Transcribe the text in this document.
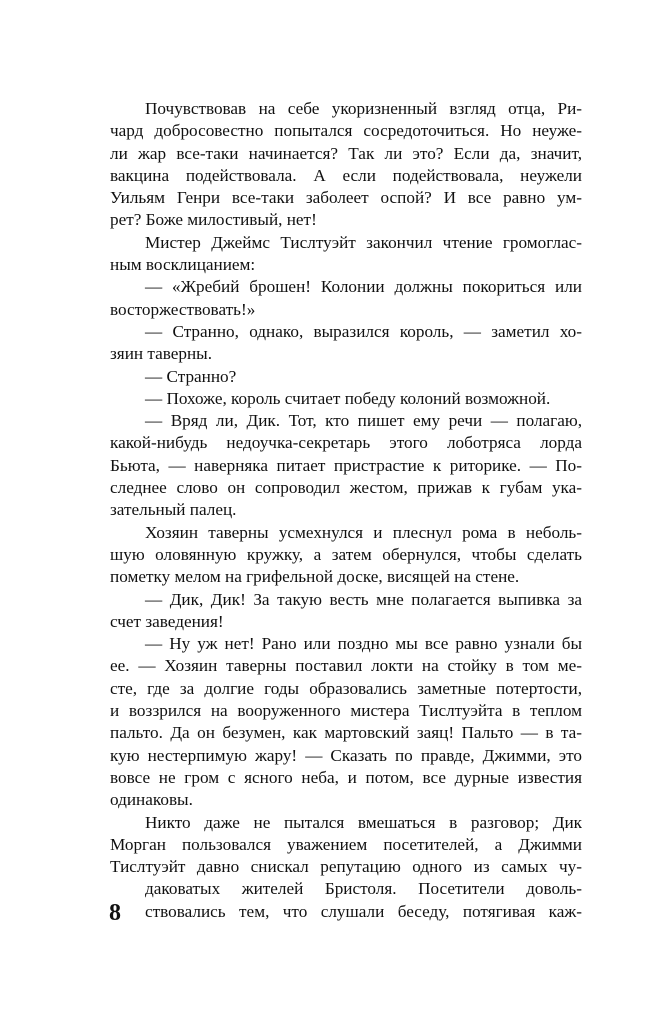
Почувствовав на себе укоризненный взгляд отца, Ри-
чард добросовестно попытался сосредоточиться. Но неуже-
ли жар все-таки начинается? Так ли это? Если да, значит,
вакцина подействовала. А если подействовала, неужели
Уильям Генри все-таки заболеет оспой? И все равно ум-
рет? Боже милостивый, нет!
Мистер Джеймс Тислтуэйт закончил чтение громоглас-
ным восклицанием:
— «Жребий брошен! Колонии должны покориться или
восторжествовать!»
— Странно, однако, выразился король, — заметил хо-
зяин таверны.
— Странно?
— Похоже, король считает победу колоний возможной.
— Вряд ли, Дик. Тот, кто пишет ему речи — полагаю,
какой-нибудь недоучка-секретарь этого лоботряса лорда
Бьюта, — наверняка питает пристрастие к риторике. — По-
следнее слово он сопроводил жестом, прижав к губам ука-
зательный палец.
Хозяин таверны усмехнулся и плеснул рома в неболь-
шую оловянную кружку, а затем обернулся, чтобы сделать
пометку мелом на грифельной доске, висящей на стене.
— Дик, Дик! За такую весть мне полагается выпивка за
счет заведения!
— Ну уж нет! Рано или поздно мы все равно узнали бы
ее. — Хозяин таверны поставил локти на стойку в том ме-
сте, где за долгие годы образовались заметные потертости,
и воззрился на вооруженного мистера Тислтуэйта в теплом
пальто. Да он безумен, как мартовский заяц! Пальто — в та-
кую нестерпимую жару! — Сказать по правде, Джимми, это
вовсе не гром с ясного неба, и потом, все дурные известия
одинаковы.
Никто даже не пытался вмешаться в разговор; Дик
Морган пользовался уважением посетителей, а Джимми
Тислтуэйт давно снискал репутацию одного из самых чу-
даковатых жителей Бристоля. Посетители доволь-
ствовались тем, что слушали беседу, потягивая каж-
8
